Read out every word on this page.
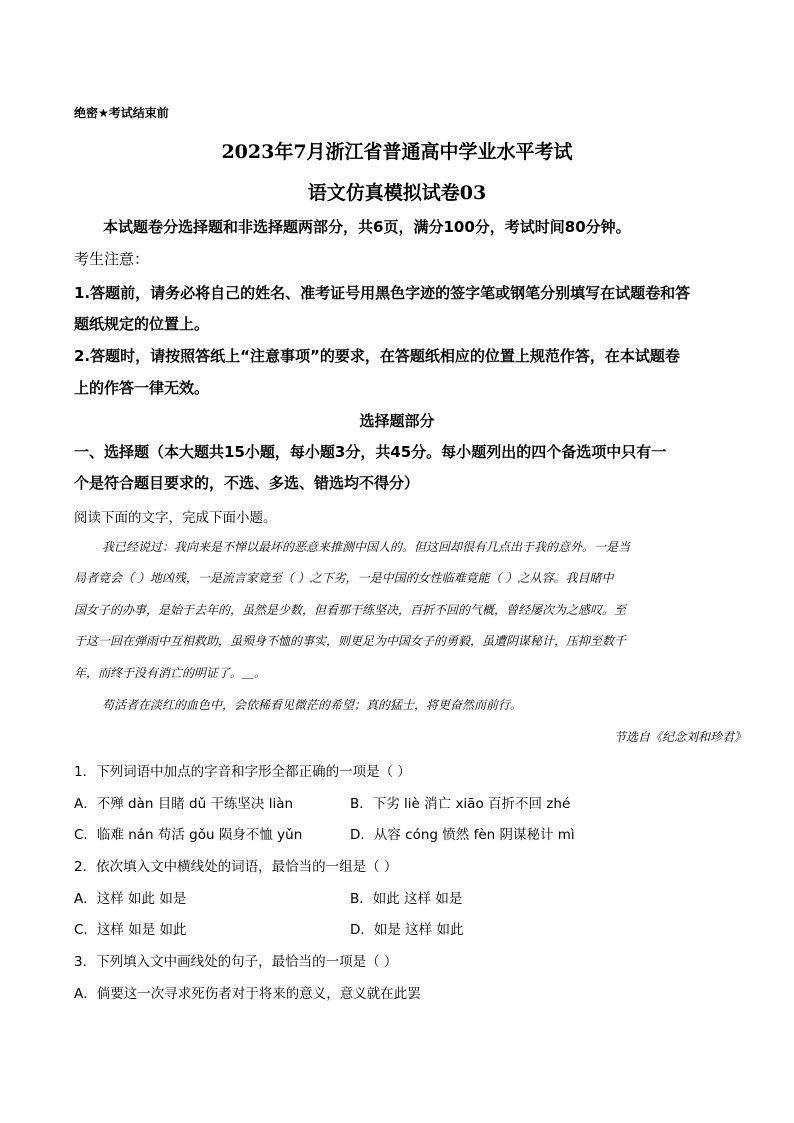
绝密★考试结束前
2023年7月浙江省普通高中学业水平考试
语文仿真模拟试卷03
本试题卷分选择题和非选择题两部分，共6页，满分100分，考试时间80分钟。
考生注意：
1.答题前，请务必将自己的姓名、准考证号用黑色字迹的签字笔或钢笔分别填写在试题卷和答
题纸规定的位置上。
2.答题时，请按照答纸上“注意事项”的要求，在答题纸相应的位置上规范作答，在本试题卷
上的作答一律无效。
选择题部分
一、选择题（本大题共15小题，每小题3分，共45分。每小题列出的四个备选项中只有一
个是符合题目要求的，不选、多选、错选均不得分）
阅读下面的文字，完成下面小题。
我已经说过：我向来是不惮以最坏的恶意来推测中国人的。但这回却很有几点出于我的意外。一是当
局者竟会（ ）地凶残，一是流言家竟至（ ）之下劣，一是中国的女性临难竟能（ ）之从容。我目睹中
国女子的办事，是始于去年的，虽然是少数，但看那干练坚决，百折不回的气概，曾经屡次为之感叹。至
于这一回在弹雨中互相救助，虽殒身不恤的事实，则更足为中国女子的勇毅，虽遭阴谋秘计，压抑至数千
年，而终于没有消亡的明证了。＿。
苟活者在淡红的血色中，会依稀看见微茫的希望；真的猛士，将更奋然而前行。
节选自《纪念刘和珍君》
1．下列词语中加点的字音和字形全都正确的一项是（ ）
A．不殚 dàn 目睹 dǔ 干练坚决 liàn	B．下劣 liè 消亡 xiāo 百折不回 zhé
C．临难 nán 苟活 gǒu 陨身不恤 yǔn	D．从容 cóng 愤然 fèn 阴谋秘计 mì
2．依次填入文中横线处的词语，最恰当的一组是（ ）
A．这样 如此 如是	B．如此 这样 如是
C．这样 如是 如此	D．如是 这样 如此
3．下列填入文中画线处的句子，最恰当的一项是（ ）
A．倘要这一次寻求死伤者对于将来的意义，意义就在此罢
